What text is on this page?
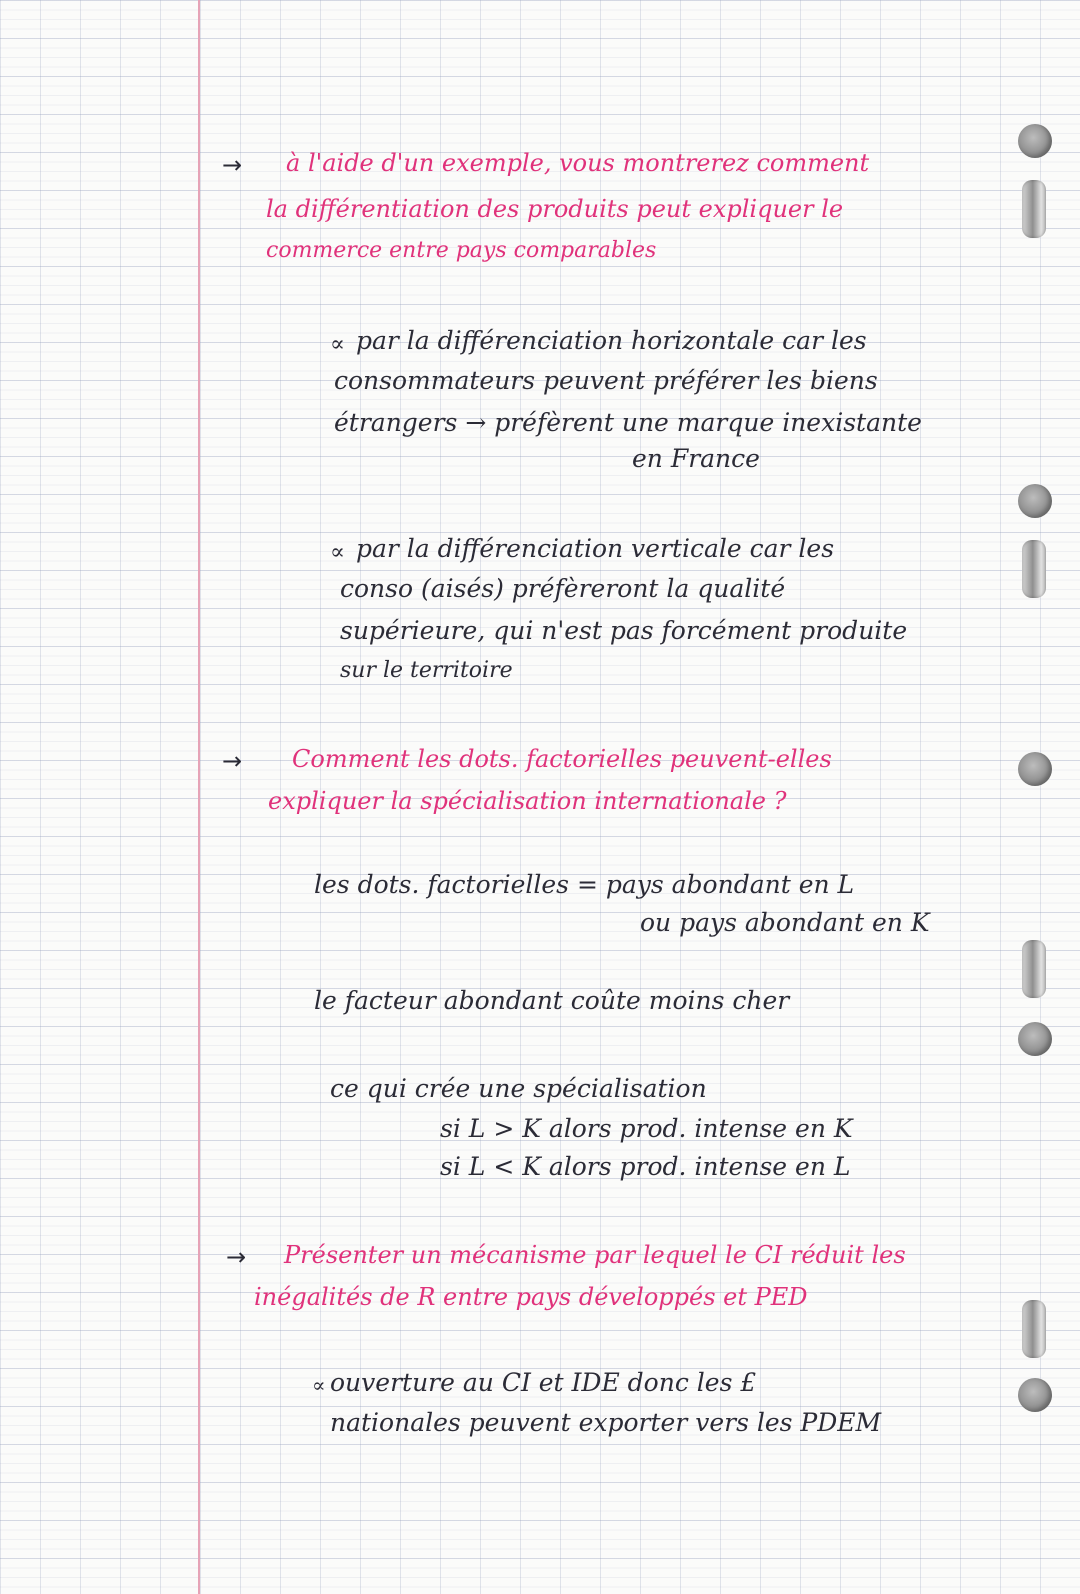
→ à l'aide d'un exemple, vous montrerez comment

la différentiation des produits peut expliquer le

commerce entre pays comparables

∝ par la différenciation horizontale car les

consommateurs peuvent préférer les biens

étrangers → préfèrent une marque inexistante

en France

∝ par la différenciation verticale car les

conso (aisés) préfèreront la qualité

supérieure, qui n'est pas forcément produite

sur le territoire

→ Comment les dots. factorielles peuvent-elles

expliquer la spécialisation internationale ?

les dots. factorielles = pays abondant en L

ou pays abondant en K

le facteur abondant coûte moins cher

ce qui crée une spécialisation

si L > K alors prod. intense en K

si L < K alors prod. intense en L

→ Présenter un mécanisme par lequel le CI réduit les

inégalités de R entre pays développés et PED

∝ ouverture au CI et IDE donc les £

nationales peuvent exporter vers les PDEM
